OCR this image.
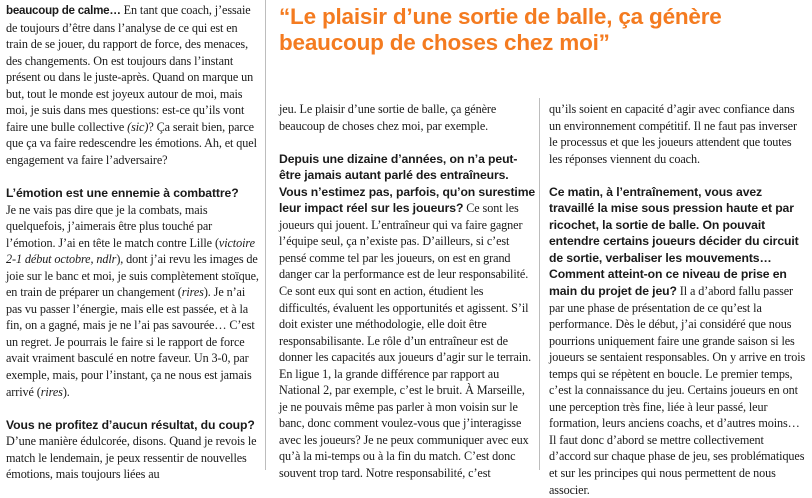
“Le plaisir d’une sortie de balle, ça génère
beaucoup de choses chez moi”

beaucoup de calme… En tant que coach, j’essaie de toujours d’être dans l’analyse de ce qui est en train de se jouer, du rapport de force, des menaces, des changements. On est toujours dans l’instant présent ou dans le juste-après. Quand on marque un but, tout le monde est joyeux autour de moi, mais moi, je suis dans mes questions: est-ce qu’ils vont faire une bulle collective (sic)? Ça serait bien, parce que ça va faire redescendre les émotions. Ah, et quel engagement va faire l’adversaire?

L’émotion est une ennemie à combattre?

Je ne vais pas dire que je la combats, mais quelquefois, j’aimerais être plus touché par l’émotion. J’ai en tête le match contre Lille (victoire 2-1 début octobre, ndlr), dont j’ai revu les images de joie sur le banc et moi, je suis complètement stoïque, en train de préparer un changement (rires). Je n’ai pas vu passer l’énergie, mais elle est passée, et à la fin, on a gagné, mais je ne l’ai pas savourée… C’est un regret. Je pourrais le faire si le rapport de force avait vraiment basculé en notre faveur. Un 3-0, par exemple, mais, pour l’instant, ça ne nous est jamais arrivé (rires).

Vous ne profitez d’aucun résultat, du coup?

D’une manière édulcorée, disons. Quand je revois le match le lendemain, je peux ressentir de nouvelles émotions, mais toujours liées au

jeu. Le plaisir d’une sortie de balle, ça génère beaucoup de choses chez moi, par exemple.

Depuis une dizaine d’années, on n’a peut-être jamais autant parlé des entraîneurs. Vous n’estimez pas, parfois, qu’on surestime leur impact réel sur les joueurs? Ce sont les joueurs qui jouent. L’entraîneur qui va faire gagner l’équipe seul, ça n’existe pas. D’ailleurs, si c’est pensé comme tel par les joueurs, on est en grand danger car la performance est de leur responsabilité. Ce sont eux qui sont en action, étudient les difficultés, évaluent les opportunités et agissent. S’il doit exister une méthodologie, elle doit être responsabilisante. Le rôle d’un entraîneur est de donner les capacités aux joueurs d’agir sur le terrain. En ligue 1, la grande différence par rapport au National 2, par exemple, c’est le bruit. À Marseille, je ne pouvais même pas parler à mon voisin sur le banc, donc comment voulez-vous que j’interagisse avec les joueurs? Je ne peux communiquer avec eux qu’à la mi-temps ou à la fin du match. C’est donc souvent trop tard. Notre responsabilité, c’est

qu’ils soient en capacité d’agir avec confiance dans un environnement compétitif. Il ne faut pas inverser le processus et que les joueurs attendent que toutes les réponses viennent du coach.

Ce matin, à l’entraînement, vous avez travaillé la mise sous pression haute et par ricochet, la sortie de balle. On pouvait entendre certains joueurs décider du circuit de sortie, verbaliser les mouvements… Comment atteint-on ce niveau de prise en main du projet de jeu? Il a d’abord fallu passer par une phase de présentation de ce qu’est la performance. Dès le début, j’ai considéré que nous pourrions uniquement faire une grande saison si les joueurs se sentaient responsables. On y arrive en trois temps qui se répètent en boucle. Le premier temps, c’est la connaissance du jeu. Certains joueurs en ont une perception très fine, liée à leur passé, leur formation, leurs anciens coachs, et d’autres moins… Il faut donc d’abord se mettre collectivement d’accord sur chaque phase de jeu, ses problématiques et sur les principes qui nous permettent de nous associer.
